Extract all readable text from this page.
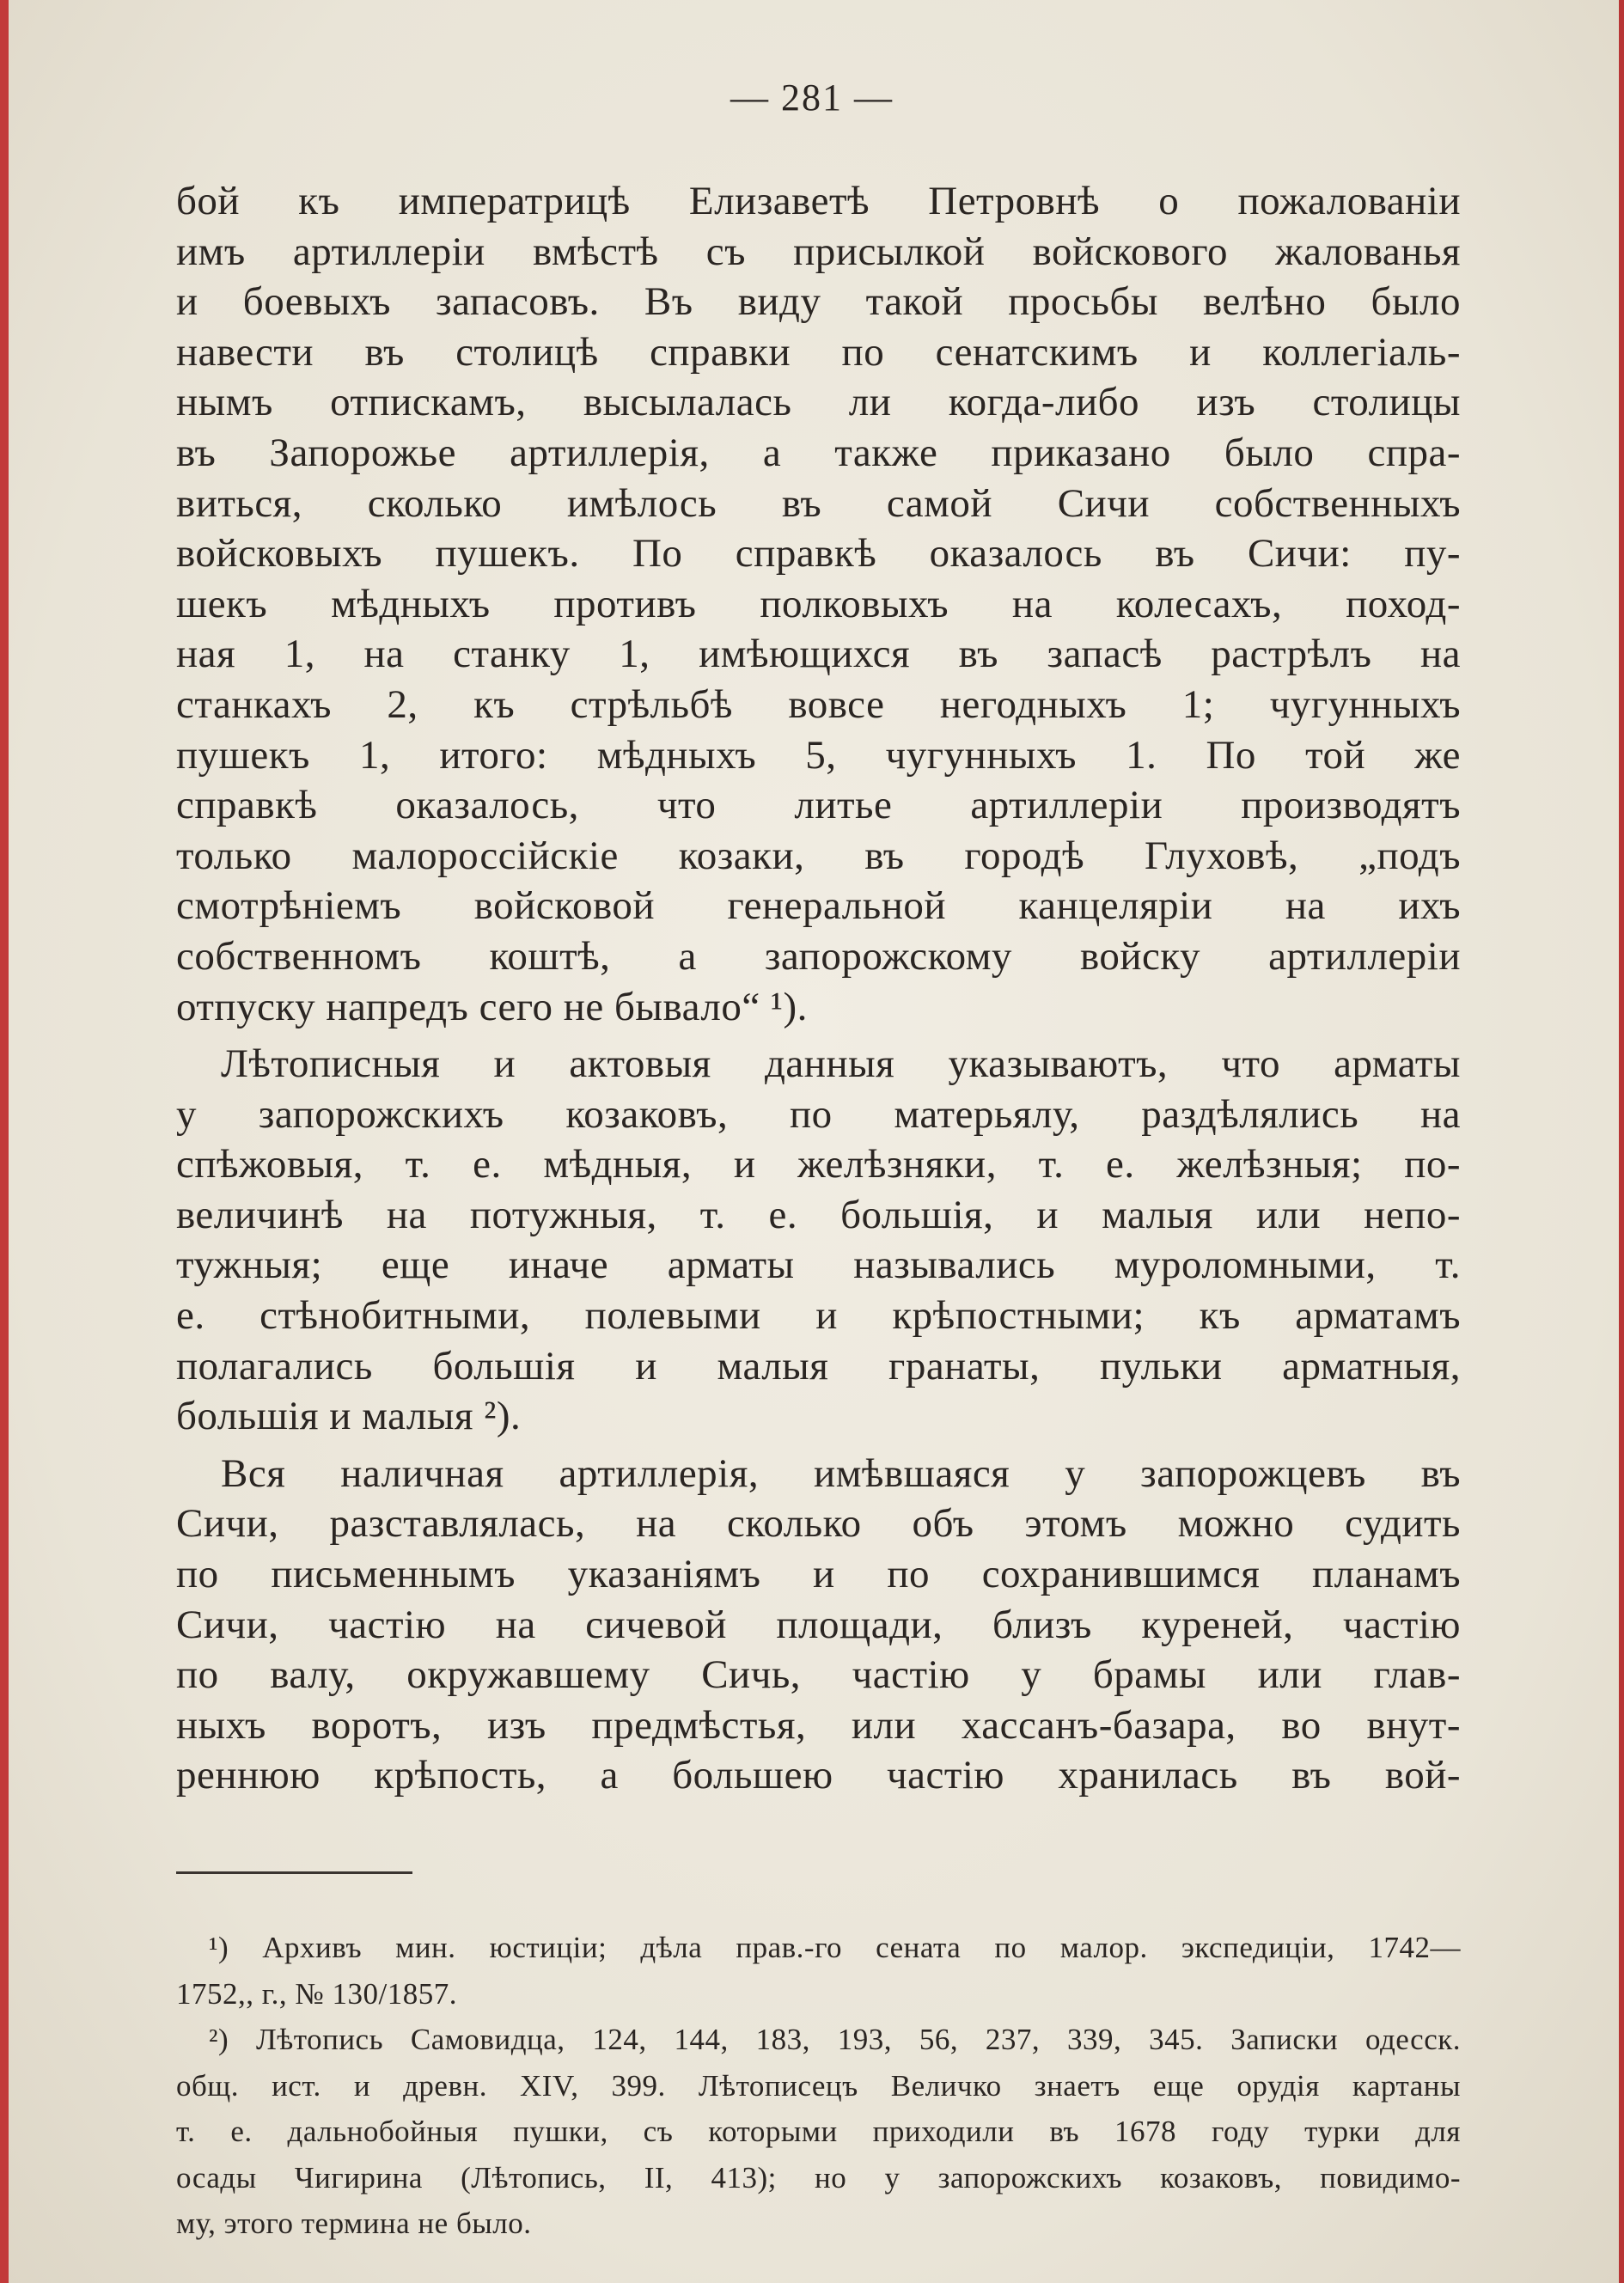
— 281 —
бой къ императрицѣ Елизаветѣ Петровнѣ о пожалованіи
имъ артиллеріи вмѣстѣ съ присылкой войскового жалованья
и боевыхъ запасовъ. Въ виду такой просьбы велѣно было
навести въ столицѣ справки по сенатскимъ и коллегіаль-
нымъ отпискамъ, высылалась ли когда-либо изъ столицы
въ Запорожье артиллерія, а также приказано было спра-
виться, сколько имѣлось въ самой Сичи собственныхъ
войсковыхъ пушекъ. По справкѣ оказалось въ Сичи: пу-
шекъ мѣдныхъ противъ полковыхъ на колесахъ, поход-
ная 1, на станку 1, имѣющихся въ запасѣ растрѣлъ на
станкахъ 2, къ стрѣльбѣ вовсе негодныхъ 1; чугунныхъ
пушекъ 1, итого: мѣдныхъ 5, чугунныхъ 1. По той же
справкѣ оказалось, что литье артиллеріи производятъ
только малороссійскіе козаки, въ городѣ Глуховѣ, „подъ
смотрѣніемъ войсковой генеральной канцеляріи на ихъ
собственномъ коштѣ, а запорожскому войску артиллеріи
отпуску напредъ сего не бывало“ ¹).
Лѣтописныя и актовыя данныя указываютъ, что арматы
у запорожскихъ козаковъ, по матерьялу, раздѣлялись на
спѣжовыя, т. е. мѣдныя, и желѣзняки, т. е. желѣзныя; по-
величинѣ на потужныя, т. е. большія, и малыя или непо-
тужныя; еще иначе арматы назывались муроломными, т.
е. стѣнобитными, полевыми и крѣпостными; къ арматамъ
полагались большія и малыя гранаты, пульки арматныя,
большія и малыя ²).
Вся наличная артиллерія, имѣвшаяся у запорожцевъ въ
Сичи, разставлялась, на сколько объ этомъ можно судить
по письменнымъ указаніямъ и по сохранившимся планамъ
Сичи, частію на сичевой площади, близъ куреней, частію
по валу, окружавшему Сичь, частію у брамы или глав-
ныхъ воротъ, изъ предмѣстья, или хассанъ-базара, во внут-
реннюю крѣпость, а большею частію хранилась въ вой-
¹) Архивъ мин. юстиціи; дѣла прав.-го сената по малор. экспедиціи, 1742—
1752,, г., № 130/1857.
²) Лѣтопись Самовидца, 124, 144, 183, 193, 56, 237, 339, 345. Записки одесск.
общ. ист. и древн. XIV, 399. Лѣтописецъ Величко знаетъ еще орудія картаны
т. е. дальнобойныя пушки, съ которыми приходили въ 1678 году турки для
осады Чигирина (Лѣтопись, II, 413); но у запорожскихъ козаковъ, повидимо-
му, этого термина не было.
